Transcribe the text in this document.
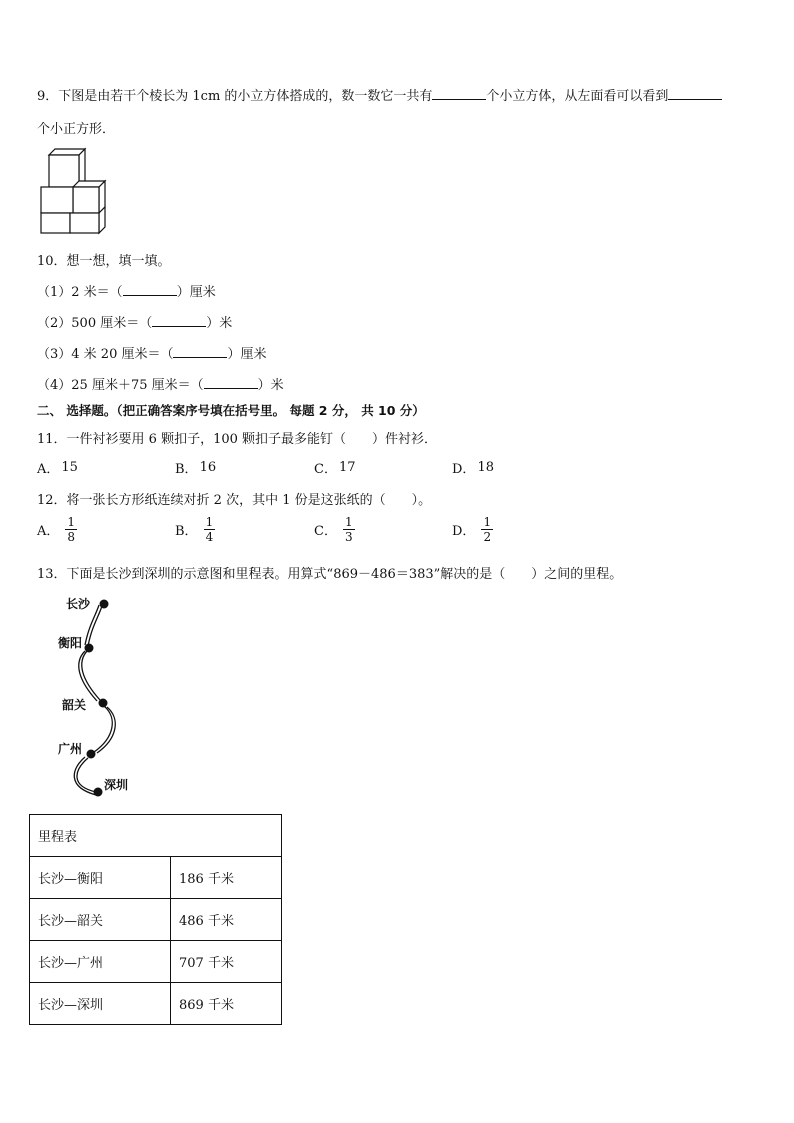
9．下图是由若干个棱长为 1cm 的小立方体搭成的，数一数它一共有	个小立方体，从左面看可以看到
个小正方形．
10．想一想，填一填。
（1）2 米＝（	）厘米
（2）500 厘米＝（	）米
（3）4 米 20 厘米＝（	）厘米
（4）25 厘米＋75 厘米＝（	）米
二、 选择题。（把正确答案序号填在括号里。 每题 2 分， 共 10 分）
11．一件衬衫要用 6 颗扣子，100 颗扣子最多能钉（　　）件衬衫．
A． 15	B． 16	C． 17	D． 18
12．将一张长方形纸连续对折 2 次，其中 1 份是这张纸的（　　）。
A． $\frac{1}{8}$	B． $\frac{1}{4}$	C． $\frac{1}{3}$	D． $\frac{1}{2}$
13．下面是长沙到深圳的示意图和里程表。用算式“869－486＝383”解决的是（　　）之间的里程。
长沙
衡阳
韶关
广州
深圳
里程表	
长沙—衡阳	186 千米
长沙—韶关	486 千米
长沙—广州	707 千米
长沙—深圳	869 千米
